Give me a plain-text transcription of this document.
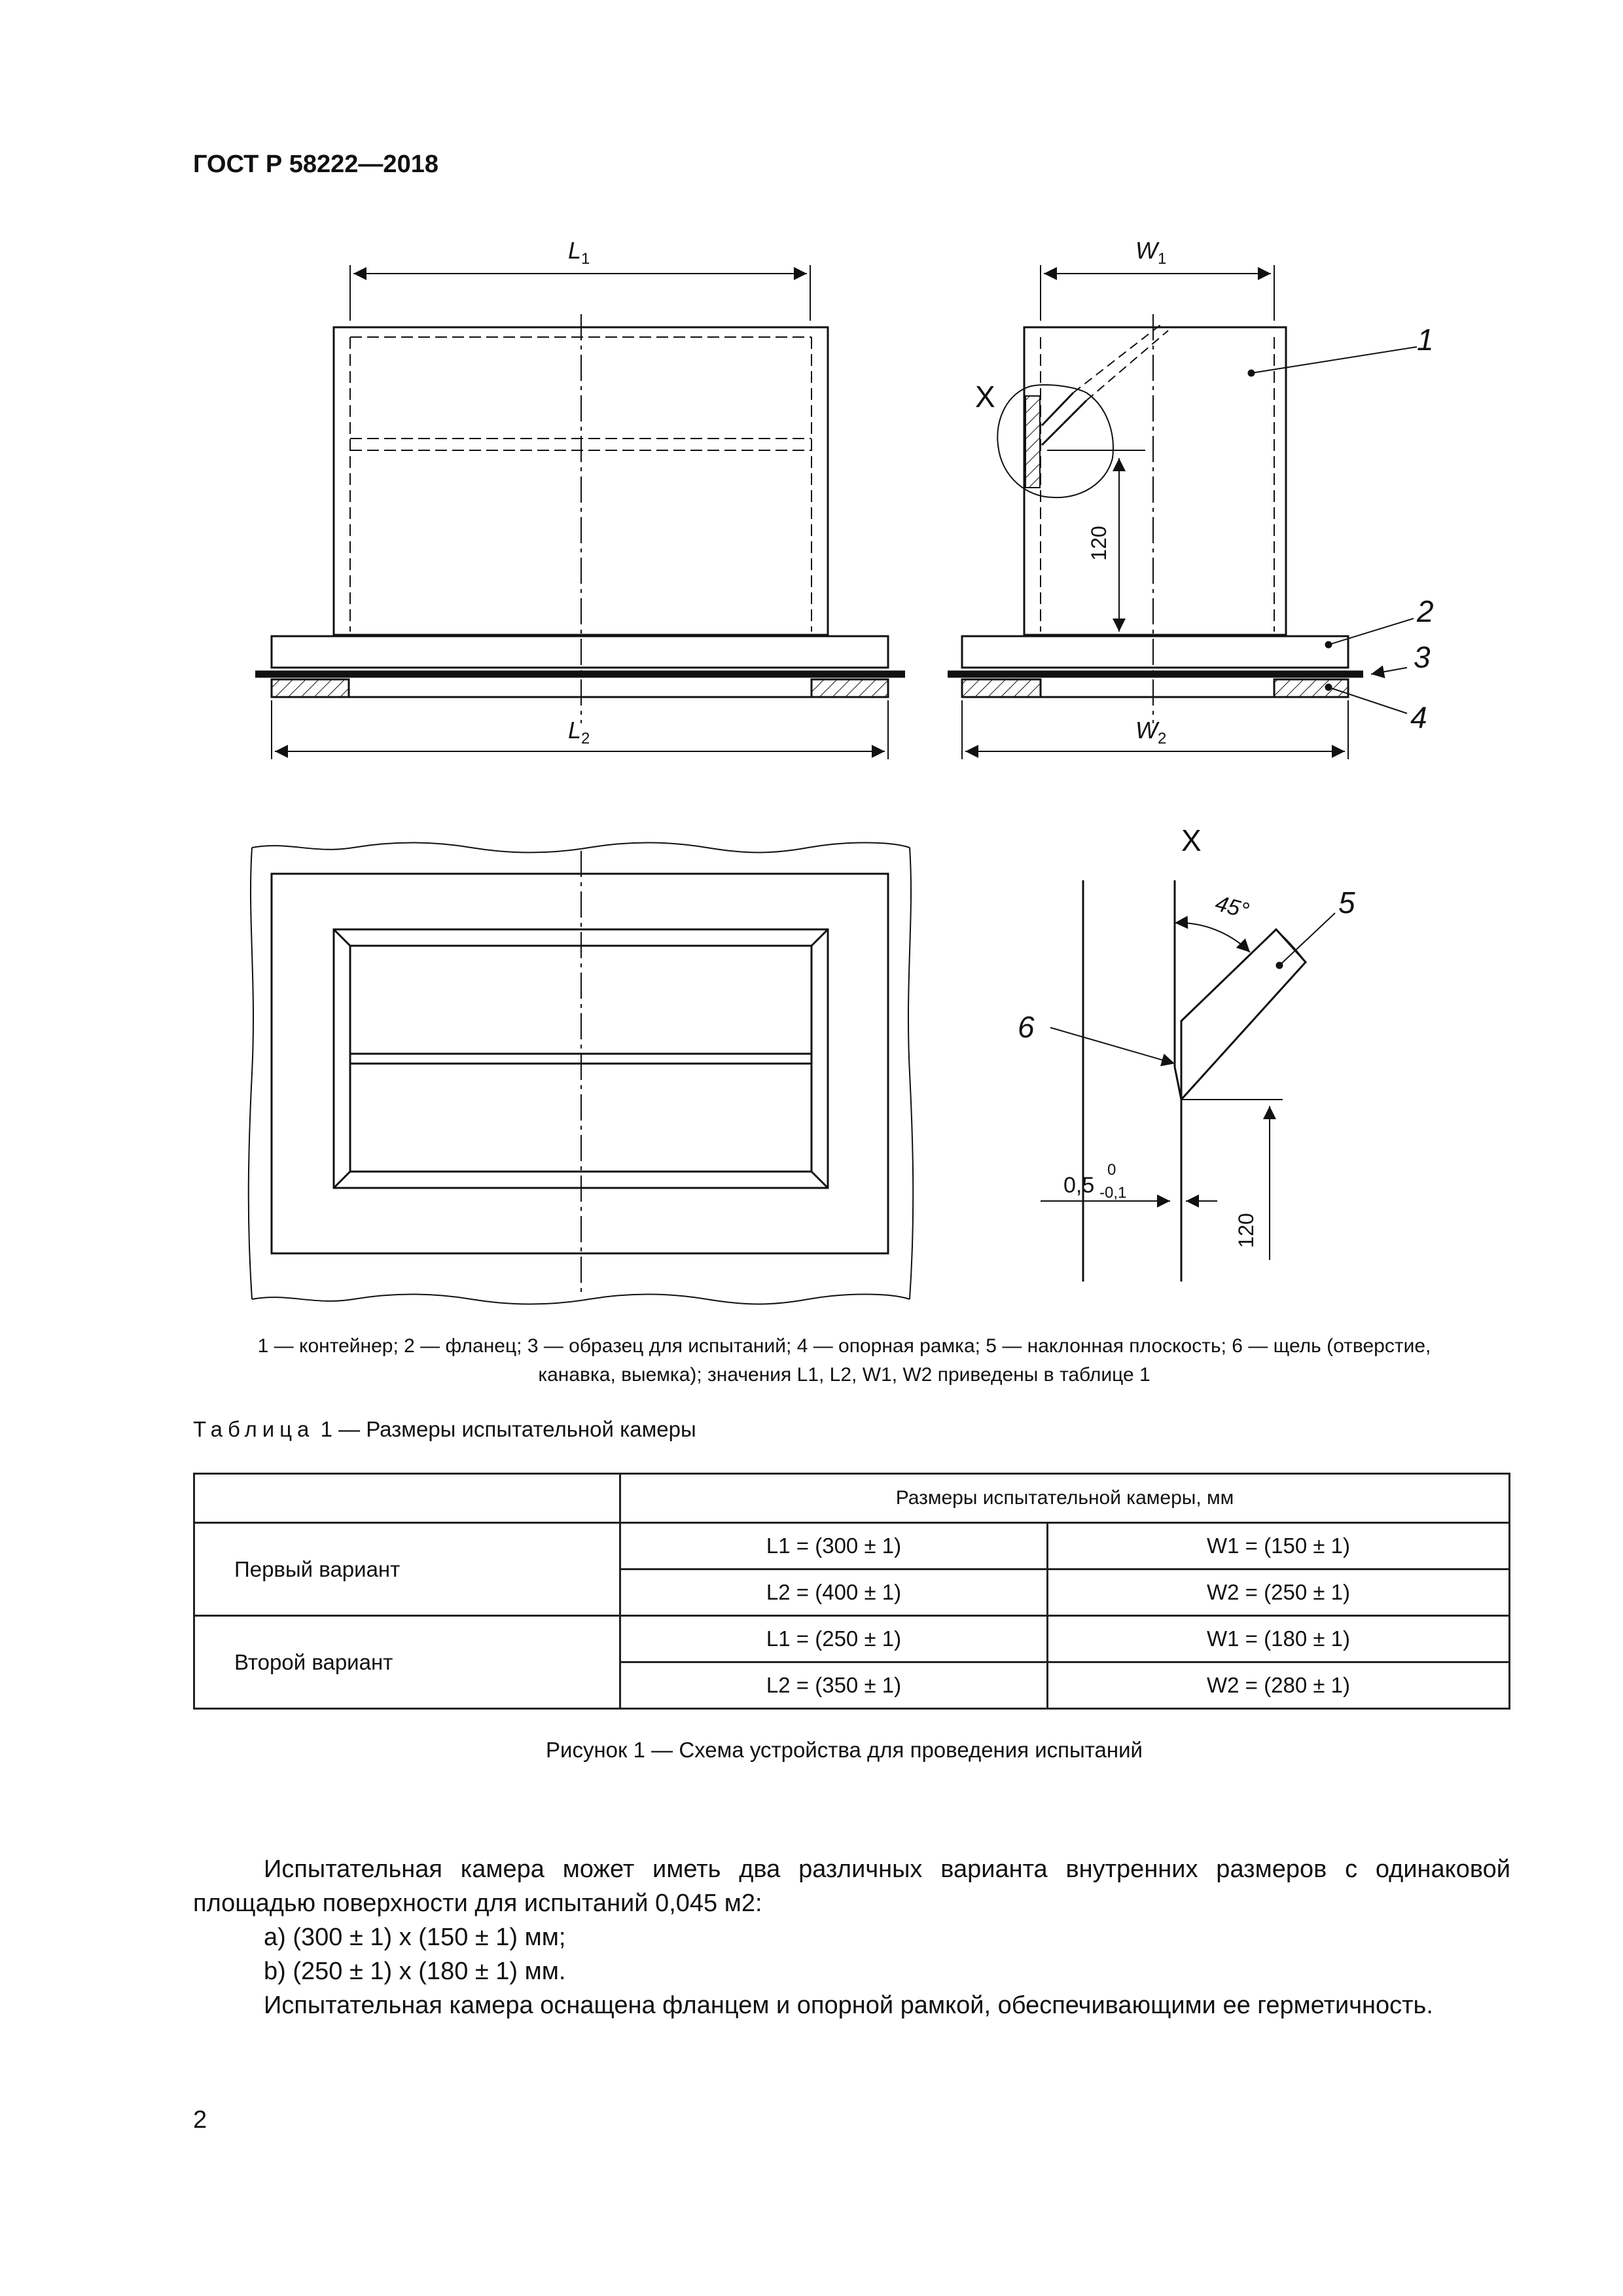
ГОСТ Р 58222—2018
$L_1$
$L_2$
$W_1$
$W_2$
X
120
1
2
3
4
X
45°	5
6
0,5
0
-0,1
120
1 — контейнер; 2 — фланец; 3 — образец для испытаний; 4 — опорная рамка; 5 — наклонная плоскость; 6 — щель (отверстие,
канавка, выемка); значения L1, L2, W1, W2 приведены в таблице 1
Таблица 1 — Размеры испытательной камеры
	Размеры испытательной камеры, мм	
Первый вариант	L1 = (300 ± 1)	W1 = (150 ± 1)
	L2 = (400 ± 1)	W2 = (250 ± 1)
Второй вариант	L1 = (250 ± 1)	W1 = (180 ± 1)
	L2 = (350 ± 1)	W2 = (280 ± 1)
Рисунок 1 — Схема устройства для проведения испытаний
Испытательная камера может иметь два различных варианта внутренних размеров с одинаковой площадью поверхности для испытаний 0,045 м2:
a) (300 ± 1) x (150 ± 1) мм;
b) (250 ± 1) x (180 ± 1) мм.
Испытательная камера оснащена фланцем и опорной рамкой, обеспечивающими ее герметичность.
2
